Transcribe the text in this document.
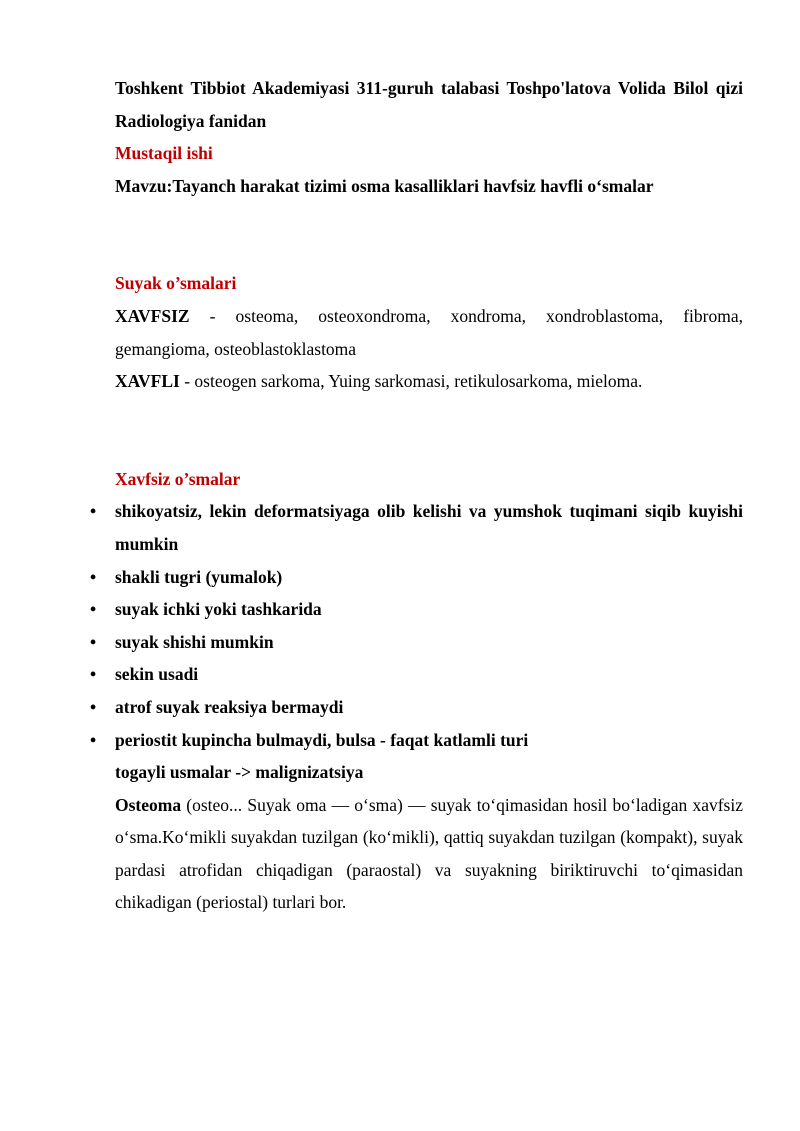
Toshkent Tibbiot Akademiyasi 311-guruh talabasi Toshpo'latova Volida Bilol qizi Radiologiya fanidan

Mustaqil ishi

Mavzu:Tayanch harakat tizimi osma kasalliklari havfsiz havfli o‘smalar

Suyak o’smalari

XAVFSIZ - osteoma, osteoxondroma, xondroma, xondroblastoma, fibroma, gemangioma, osteoblastoklastoma

XAVFLI - osteogen sarkoma, Yuing sarkomasi, retikulosarkoma, mieloma.

Xavfsiz o’smalar

• shikoyatsiz, lekin deformatsiyaga olib kelishi va yumshok tuqimani siqib kuyishi mumkin
• shakli tugri (yumalok)
• suyak ichki yoki tashkarida
• suyak shishi mumkin
• sekin usadi
• atrof suyak reaksiya bermaydi
• periostit kupincha bulmaydi, bulsa - faqat katlamli turi

togayli usmalar -> malignizatsiya

Osteoma (osteo... Suyak oma — o‘sma) — suyak to‘qimasidan hosil bo‘ladigan xavfsiz o‘sma.Ko‘mikli suyakdan tuzilgan (ko‘mikli), qattiq suyakdan tuzilgan (kompakt), suyak pardasi atrofidan chiqadigan (paraostal) va suyakning biriktiruvchi to‘qimasidan chikadigan (periostal) turlari bor.
